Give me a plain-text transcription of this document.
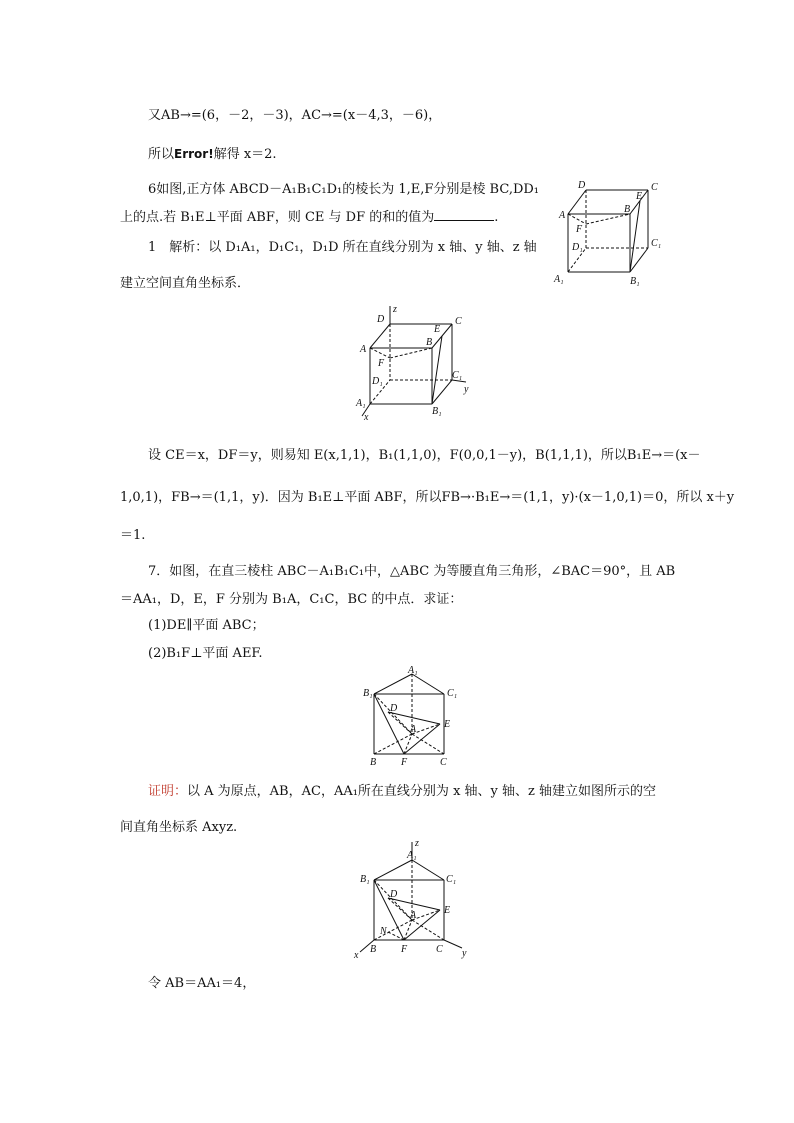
又AB→=(6，－2，－3)，AC→=(x－4,3，－6)，
所以Error!解得 x＝2.
6如图,正方体 ABCD－A₁B₁C₁D₁的棱长为 1,E,F分别是棱 BC,DD₁
上的点.若 B₁E⊥平面 ABF，则 CE 与 DF 的和的值为	.
1　解析：以 D₁A₁，D₁C₁，D₁D 所在直线分别为 x 轴、y 轴、z 轴
建立空间直角坐标系．
D	C
E
B
A
F
D₁	C₁
A₁	B₁
z
D
E
C
A
B
F
D₁
C₁
A₁
B₁
x
y
设 CE＝x，DF＝y，则易知 E(x,1,1)，B₁(1,1,0)，F(0,0,1－y)，B(1,1,1)，所以B₁E→＝(x－
1,0,1)，FB→＝(1,1，y)．因为 B₁E⊥平面 ABF，所以FB→·B₁E→＝(1,1，y)·(x－1,0,1)＝0，所以 x＋y
＝1.
7．如图，在直三棱柱 ABC－A₁B₁C₁中，△ABC 为等腰直角三角形，∠BAC＝90°，且 AB
＝AA₁，D，E，F 分别为 B₁A，C₁C，BC 的中点．求证：
(1)DE∥平面 ABC；
(2)B₁F⊥平面 AEF.
A₁
B₁	C₁
D
E
A
B F	C
证明：以 A 为原点，AB，AC，AA₁所在直线分别为 x 轴、y 轴、z 轴建立如图所示的空
间直角坐标系 Axyz.
z
A₁
B₁	C₁
D
E
A
N
x
B F	C y
令 AB＝AA₁＝4，
